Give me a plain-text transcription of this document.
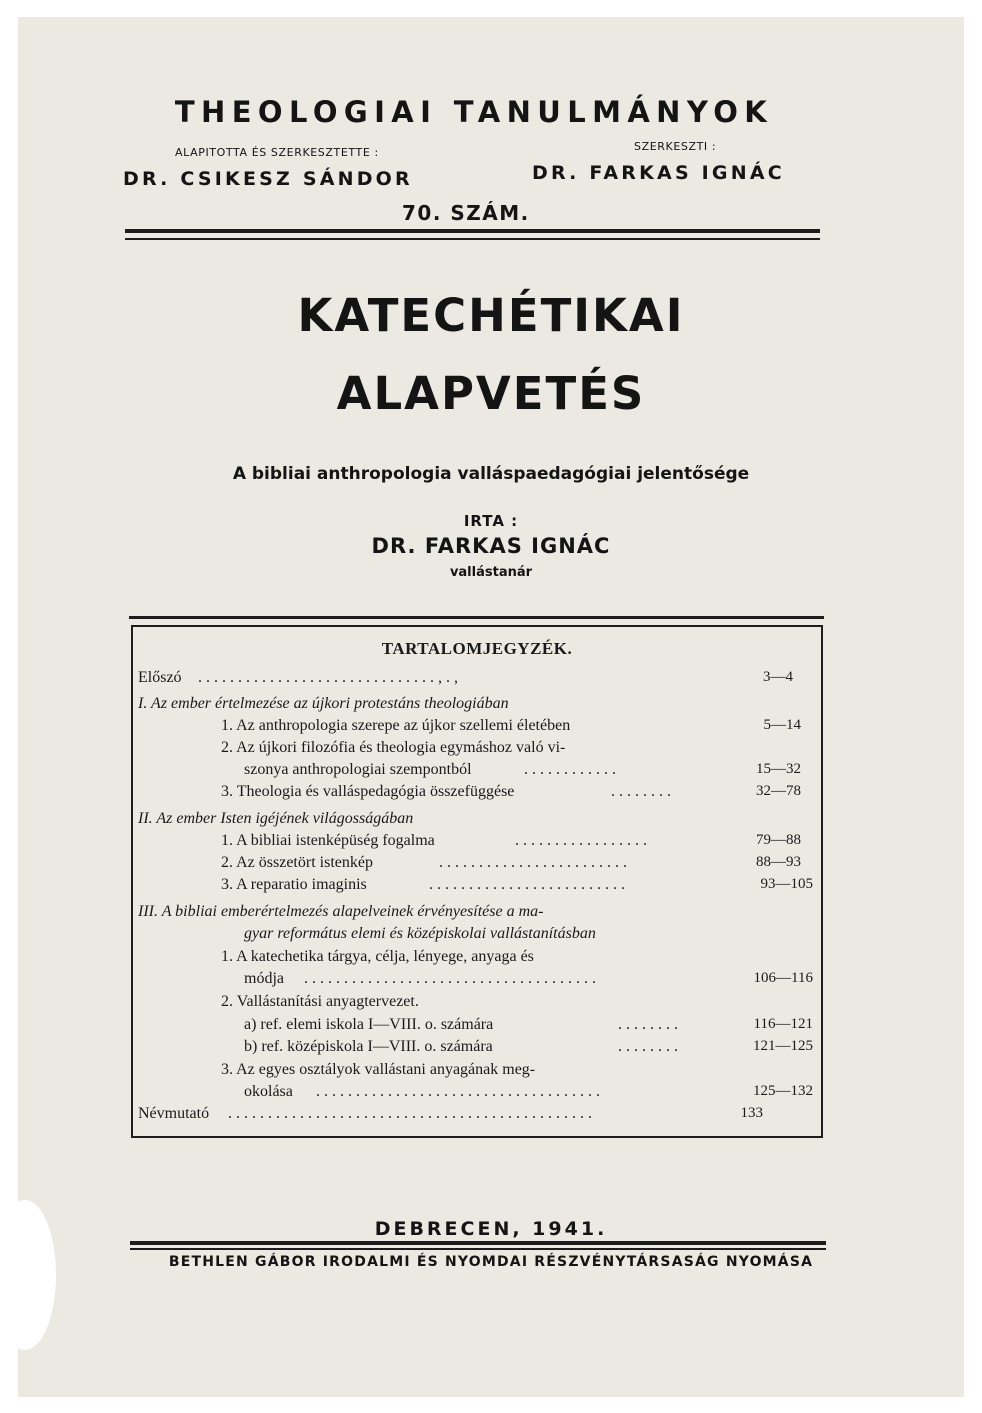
THEOLOGIAI TANULMÁNYOK
ALAPITOTTA ÉS SZERKESZTETTE :	SZERKESZTI :
DR. CSIKESZ SÁNDOR	DR. FARKAS IGNÁC
70. SZÁM.
KATECHÉTIKAI
ALAPVETÉS
A bibliai anthropologia valláspaedagógiai jelentősége
IRTA :
DR. FARKAS IGNÁC
vallástanár
TARTALOMJEGYZÉK.
Előszó . . . . . . . . . . . . . . . . . . . . . . . . . . . . . . , . ,	3—4
I. Az ember értelmezése az újkori protestáns theologiában
1. Az anthropologia szerepe az újkor szellemi életében	5—14
2. Az újkori filozófia és theologia egymáshoz való vi-
szonya anthropologiai szempontból	. . . . . . . . . . . .	15—32
3. Theologia és valláspedagógia összefüggése	. . . . . . . .	32—78
II. Az ember Isten igéjének világosságában
1. A bibliai istenképüség fogalma	. . . . . . . . . . . . . . . . .	79—88
2. Az összetört istenkép	. . . . . . . . . . . . . . . . . . . . . . . .	88—93
3. A reparatio imaginis	. . . . . . . . . . . . . . . . . . . . . . . . .	93—105
III. A bibliai emberértelmezés alapelveinek érvényesítése a ma-
gyar református elemi és középiskolai vallástanításban
1. A katechetika tárgya, célja, lényege, anyaga és
módja . . . . . . . . . . . . . . . . . . . . . . . . . . . . . . . . . . . . .	106—116
2. Vallástanítási anyagtervezet.
a) ref. elemi iskola I—VIII. o. számára	. . . . . . . .	116—121
b) ref. középiskola I—VIII. o. számára	. . . . . . . .	121—125
3. Az egyes osztályok vallástani anyagának meg-
okolása . . . . . . . . . . . . . . . . . . . . . . . . . . . . . . . . . . . .	125—132
Névmutató . . . . . . . . . . . . . . . . . . . . . . . . . . . . . . . . . . . . . . . . . . . . . .	133
DEBRECEN, 1941.
BETHLEN GÁBOR IRODALMI ÉS NYOMDAI RÉSZVÉNYTÁRSASÁG NYOMÁSA
